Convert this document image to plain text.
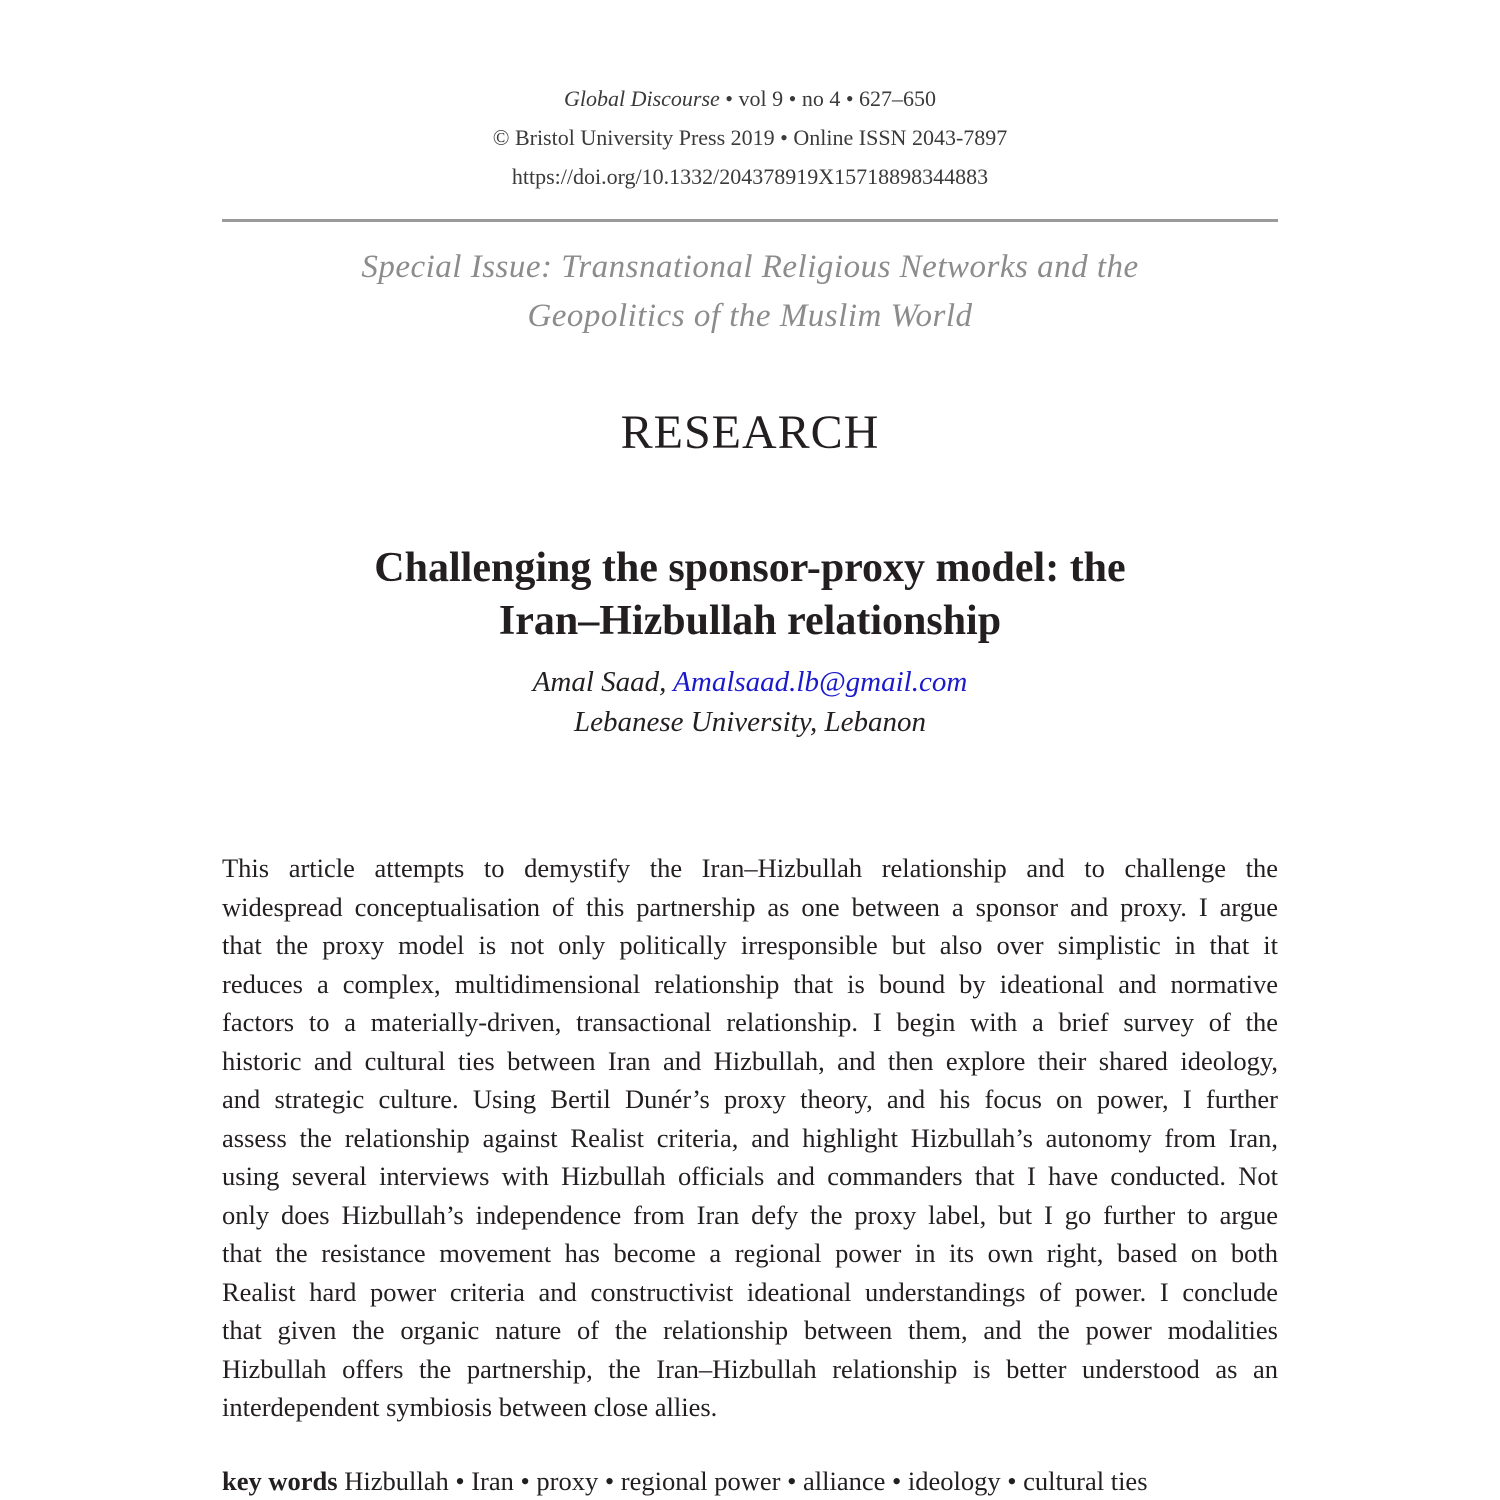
Global Discourse • vol 9 • no 4 • 627–650
© Bristol University Press 2019 • Online ISSN 2043-7897
https://doi.org/10.1332/204378919X15718898344883
Special Issue: Transnational Religious Networks and the
Geopolitics of the Muslim World
RESEARCH
Challenging the sponsor-proxy model: the
Iran–Hizbullah relationship
Amal Saad, Amalsaad.lb@gmail.com
Lebanese University, Lebanon
This article attempts to demystify the Iran–Hizbullah relationship and to challenge the
widespread conceptualisation of this partnership as one between a sponsor and proxy. I argue
that the proxy model is not only politically irresponsible but also over simplistic in that it
reduces a complex, multidimensional relationship that is bound by ideational and normative
factors to a materially-driven, transactional relationship. I begin with a brief survey of the
historic and cultural ties between Iran and Hizbullah, and then explore their shared ideology,
and strategic culture. Using Bertil Dunér’s proxy theory, and his focus on power, I further
assess the relationship against Realist criteria, and highlight Hizbullah’s autonomy from Iran,
using several interviews with Hizbullah officials and commanders that I have conducted. Not
only does Hizbullah’s independence from Iran defy the proxy label, but I go further to argue
that the resistance movement has become a regional power in its own right, based on both
Realist hard power criteria and constructivist ideational understandings of power. I conclude
that given the organic nature of the relationship between them, and the power modalities
Hizbullah offers the partnership, the Iran–Hizbullah relationship is better understood as an
interdependent symbiosis between close allies.
key words Hizbullah • Iran • proxy • regional power • alliance • ideology • cultural ties
